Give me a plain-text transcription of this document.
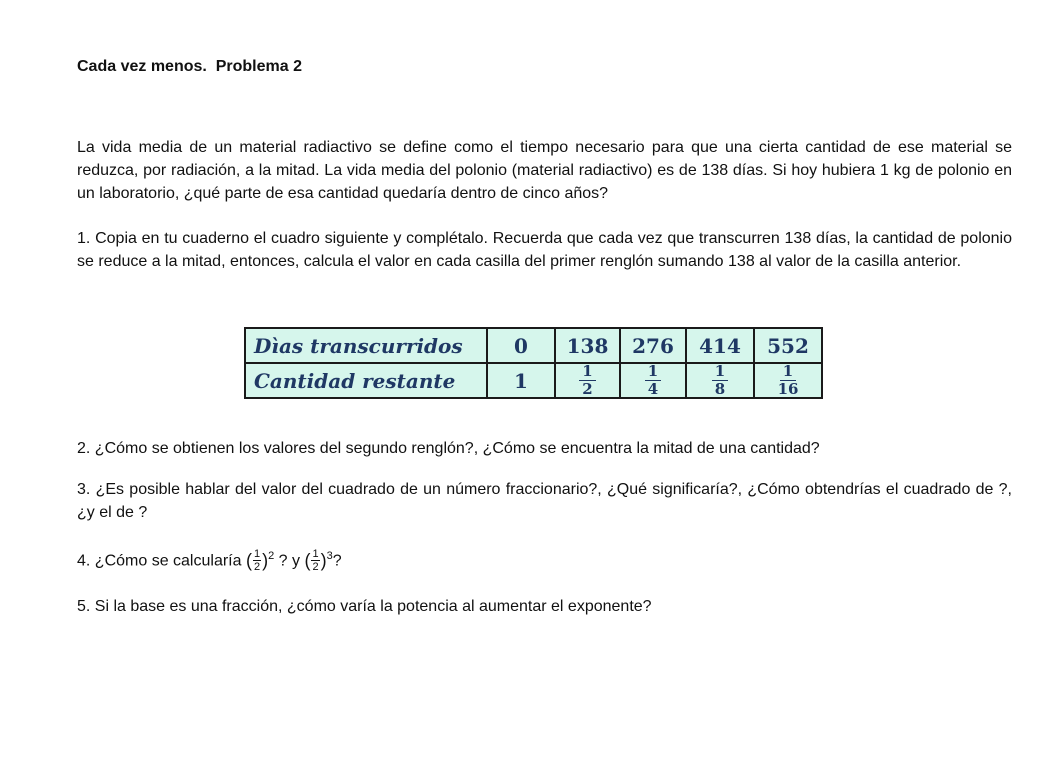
Cada vez menos.  Problema 2
La vida media de un material radiactivo se define como el tiempo necesario para que una cierta cantidad de ese material se reduzca, por radiación, a la mitad. La vida media del polonio (material radiactivo) es de 138 días. Si hoy hubiera 1 kg de polonio en un laboratorio, ¿qué parte de esa cantidad quedaría dentro de cinco años?
1. Copia en tu cuaderno el cuadro siguiente y complétalo. Recuerda que cada vez que transcurren 138 días, la cantidad de polonio se reduce a la mitad, entonces, calcula el valor en cada casilla del primer renglón sumando 138 al valor de la casilla anterior.
Dìas transcurridos	0	138	276	414	552
Cantidad restante	1	$\frac{1}{2}$	$\frac{1}{4}$	$\frac{1}{8}$	$\frac{1}{16}$
2. ¿Cómo se obtienen los valores del segundo renglón?, ¿Cómo se encuentra la mitad de una cantidad?
3. ¿Es posible hablar del valor del cuadrado de un número fraccionario?, ¿Qué significaría?, ¿Cómo obtendrías el cuadrado de ?, ¿y el de ?
4. ¿Cómo se calcularía ( $\frac{1}{2} )^2$ ? y ( $\frac{1}{2} )^3$?
5. Si la base es una fracción, ¿cómo varía la potencia al aumentar el exponente?
